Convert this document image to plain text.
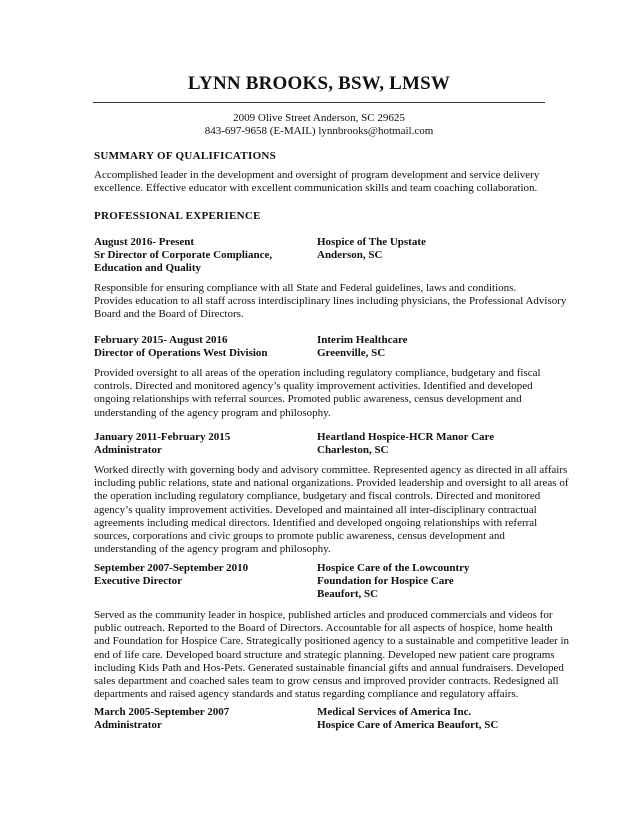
LYNN BROOKS, BSW, LMSW
2009 Olive Street Anderson, SC 29625
843-697-9658 (E-MAIL) lynnbrooks@hotmail.com
SUMMARY OF QUALIFICATIONS
Accomplished leader in the development and oversight of program development and service delivery
excellence. Effective educator with excellent communication skills and team coaching collaboration.
PROFESSIONAL EXPERIENCE
August 2016- Present
Sr Director of Corporate Compliance,
Education and Quality
Hospice of The Upstate
Anderson, SC
Responsible for ensuring compliance with all State and Federal guidelines, laws and conditions.
Provides education to all staff across interdisciplinary lines including physicians, the Professional Advisory
Board and the Board of Directors.
February 2015- August 2016
Director of Operations West Division
Interim Healthcare
Greenville, SC
Provided oversight to all areas of the operation including regulatory compliance, budgetary and fiscal
controls. Directed and monitored agency’s quality improvement activities. Identified and developed
ongoing relationships with referral sources. Promoted public awareness, census development and
understanding of the agency program and philosophy.
January 2011-February 2015
Administrator
Heartland Hospice-HCR Manor Care
Charleston, SC
Worked directly with governing body and advisory committee. Represented agency as directed in all affairs
including public relations, state and national organizations. Provided leadership and oversight to all areas of
the operation including regulatory compliance, budgetary and fiscal controls. Directed and monitored
agency’s quality improvement activities. Developed and maintained all inter-disciplinary contractual
agreements including medical directors. Identified and developed ongoing relationships with referral
sources, corporations and civic groups to promote public awareness, census development and
understanding of the agency program and philosophy.
September 2007-September 2010
Executive Director
Hospice Care of the Lowcountry
Foundation for Hospice Care
Beaufort, SC
Served as the community leader in hospice, published articles and produced commercials and videos for
public outreach. Reported to the Board of Directors. Accountable for all aspects of hospice, home health
and Foundation for Hospice Care. Strategically positioned agency to a sustainable and competitive leader in
end of life care. Developed board structure and strategic planning. Developed new patient care programs
including Kids Path and Hos-Pets. Generated sustainable financial gifts and annual fundraisers. Developed
sales department and coached sales team to grow census and improved provider contracts. Redesigned all
departments and raised agency standards and status regarding compliance and regulatory affairs.
March 2005-September 2007
Administrator
Medical Services of America Inc.
Hospice Care of America Beaufort, SC
